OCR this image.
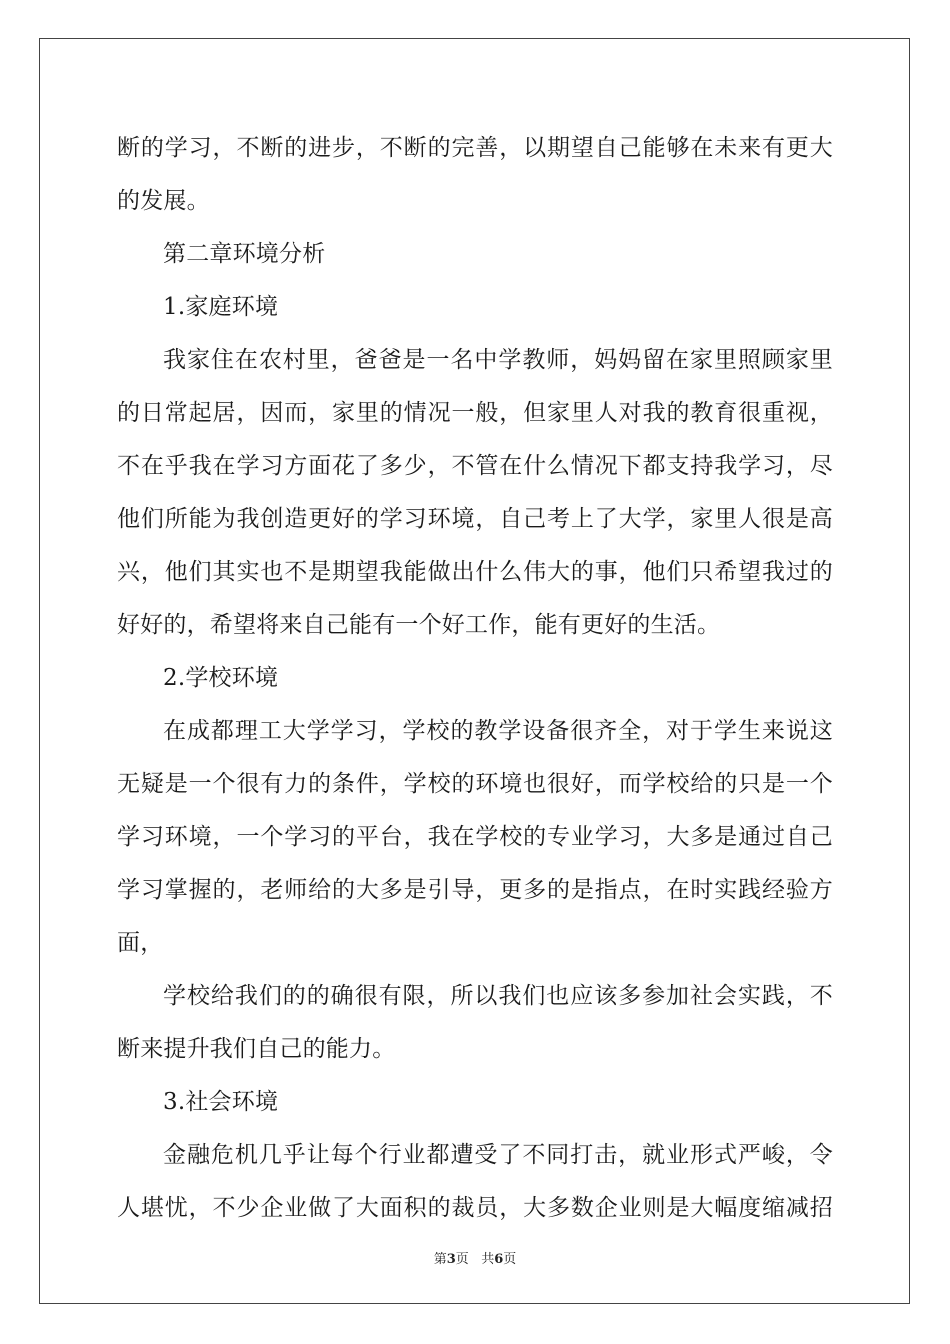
断的学习，不断的进步，不断的完善，以期望自己能够在未来有更大
的发展。
第二章环境分析
1.家庭环境
我家住在农村里，爸爸是一名中学教师，妈妈留在家里照顾家里
的日常起居，因而，家里的情况一般，但家里人对我的教育很重视，
不在乎我在学习方面花了多少，不管在什么情况下都支持我学习，尽
他们所能为我创造更好的学习环境，自己考上了大学，家里人很是高
兴，他们其实也不是期望我能做出什么伟大的事，他们只希望我过的
好好的，希望将来自己能有一个好工作，能有更好的生活。
2.学校环境
在成都理工大学学习，学校的教学设备很齐全，对于学生来说这
无疑是一个很有力的条件，学校的环境也很好，而学校给的只是一个
学习环境，一个学习的平台，我在学校的专业学习，大多是通过自己
学习掌握的，老师给的大多是引导，更多的是指点，在时实践经验方
面，
学校给我们的的确很有限，所以我们也应该多参加社会实践，不
断来提升我们自己的能力。
3.社会环境
金融危机几乎让每个行业都遭受了不同打击，就业形式严峻，令
人堪忧，不少企业做了大面积的裁员，大多数企业则是大幅度缩减招
第3页   共6页
